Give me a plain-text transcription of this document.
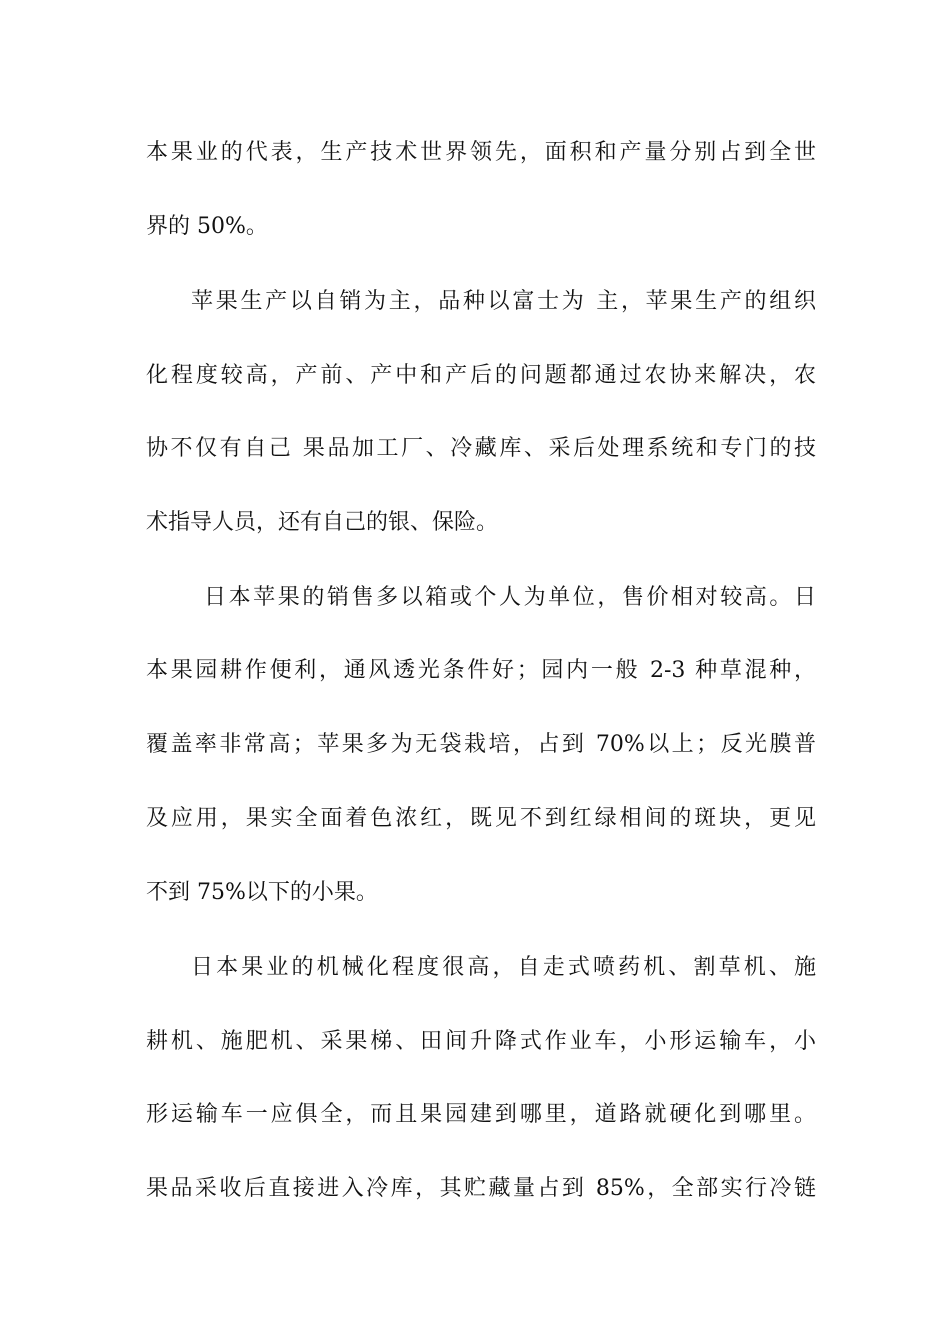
本果业的代表，生产技术世界领先，面积和产量分别占到全世
界的 50%。
苹果生产以自销为主，品种以富士为 主，苹果生产的组织
化程度较高，产前、产中和产后的问题都通过农协来解决，农
协不仅有自己 果品加工厂、冷藏库、采后处理系统和专门的技
术指导人员，还有自己的银、保险。
日本苹果的销售多以箱或个人为单位，售价相对较高。日
本果园耕作便利，通风透光条件好；园内一般 2-3 种草混种，
覆盖率非常高；苹果多为无袋栽培，占到 70%以上；反光膜普
及应用，果实全面着色浓红，既见不到红绿相间的斑块，更见
不到 75%以下的小果。
日本果业的机械化程度很高，自走式喷药机、割草机、施
耕机、施肥机、采果梯、田间升降式作业车，小形运输车，小
形运输车一应俱全，而且果园建到哪里，道路就硬化到哪里。
果品采收后直接进入冷库，其贮藏量占到 85%，全部实行冷链
